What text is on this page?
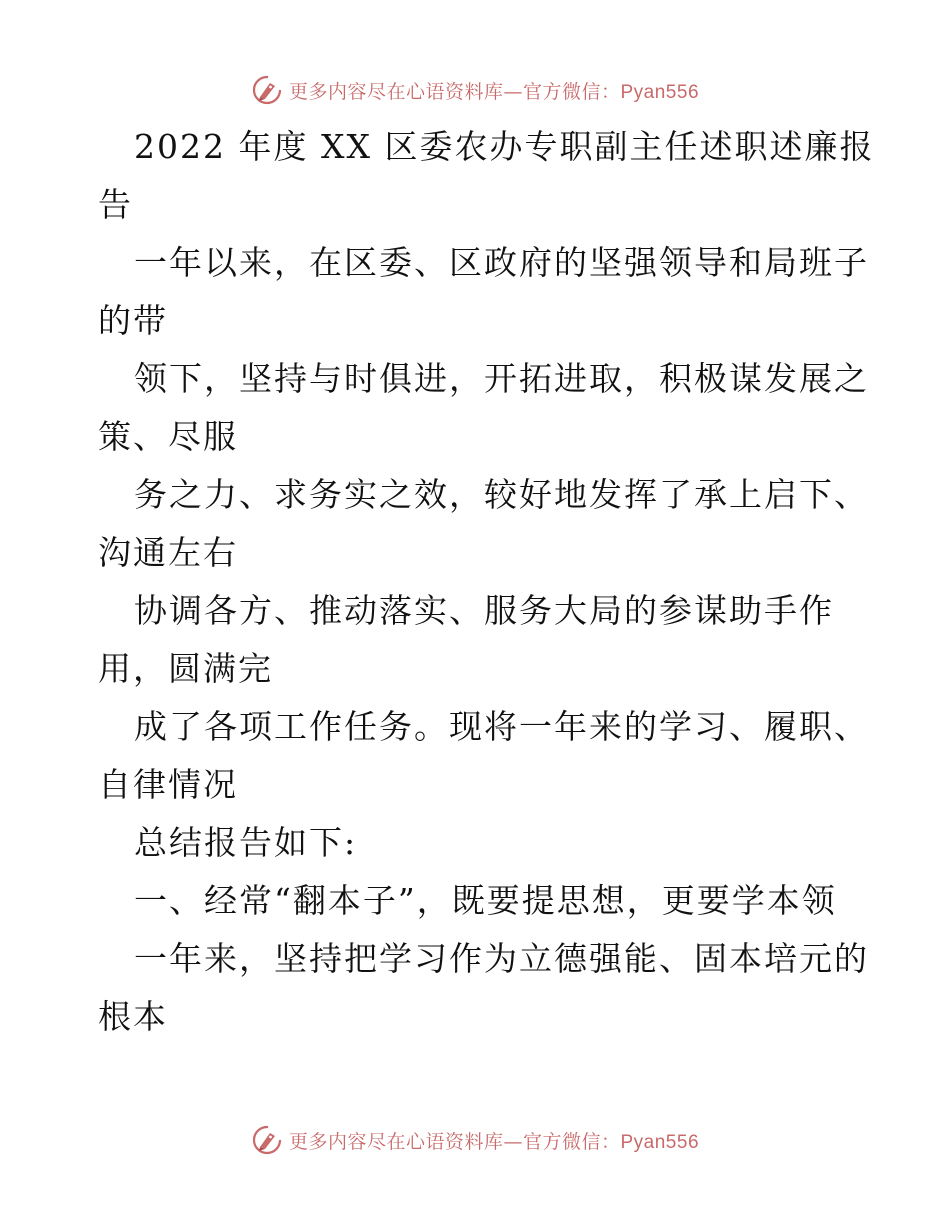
更多内容尽在心语资料库—官方微信：Pyan556
2022 年度 XX 区委农办专职副主任述职述廉报
告
一年以来，在区委、区政府的坚强领导和局班子
的带
领下，坚持与时俱进，开拓进取，积极谋发展之
策、尽服
务之力、求务实之效，较好地发挥了承上启下、
沟通左右
协调各方、推动落实、服务大局的参谋助手作
用，圆满完
成了各项工作任务。现将一年来的学习、履职、
自律情况
总结报告如下:
一、经常“翻本子”，既要提思想，更要学本领
一年来，坚持把学习作为立德强能、固本培元的
根本
更多内容尽在心语资料库—官方微信：Pyan556
